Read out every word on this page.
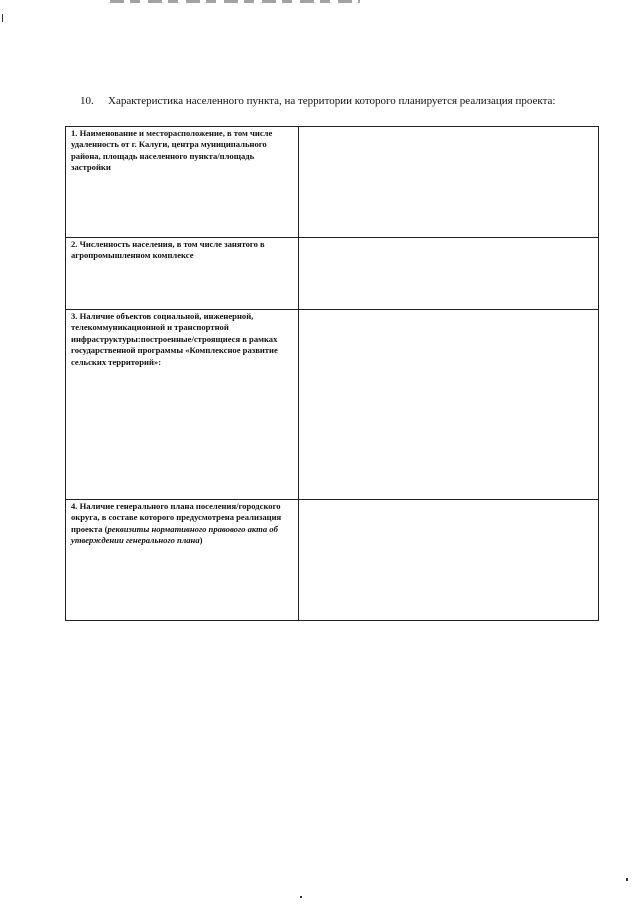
10. Характеристика населенного пункта, на территории которого планируется реализация проекта:
1. Наименование и месторасположение, в том числе удаленность от г. Калуги, центра муниципального района, площадь населенного пункта/площадь застройки	

2. Численность населения, в том числе занятого в агропромышленном комплексе	

3. Наличие объектов социальной, инженерной, телекоммуникационной и транспортной инфраструктуры:построенные/строящиеся в рамках государственной программы «Комплексное развитие сельских территорий»:	

4. Наличие генерального плана поселения/городского округа, в составе которого предусмотрена реализация проекта (реквизиты нормативного правового акта об утверждении генерального плана)	
